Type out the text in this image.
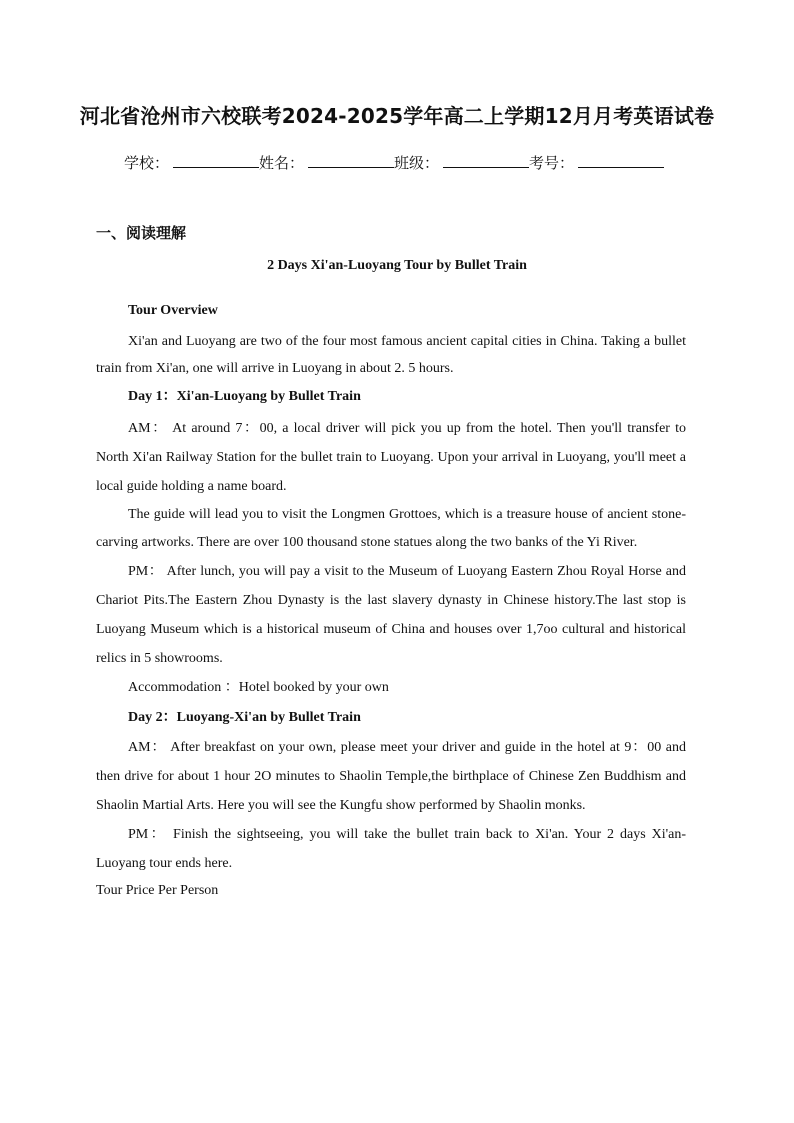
河北省沧州市六校联考2024-2025学年高二上学期12月月考英语试卷
学校：	姓名：	班级：	考号：
一、阅读理解
2 Days Xi'an-Luoyang Tour by Bullet Train

Tour Overview

Xi'an and Luoyang are two of the four most famous ancient capital cities in China. Taking a bullet train from Xi'an, one will arrive in Luoyang in about 2. 5 hours.

Day 1：Xi'an-Luoyang by Bullet Train

AM： At around 7：00, a local driver will pick you up from the hotel. Then you'll transfer to North Xi'an Railway Station for the bullet train to Luoyang. Upon your arrival in Luoyang, you'll meet a local guide holding a name board.

The guide will lead you to visit the Longmen Grottoes, which is a treasure house of ancient stone-carving artworks. There are over 100 thousand stone statues along the two banks of the Yi River.

PM： After lunch, you will pay a visit to the Museum of Luoyang Eastern Zhou Royal Horse and Chariot Pits.The Eastern Zhou Dynasty is the last slavery dynasty in Chinese history.The last stop is Luoyang Museum which is a historical museum of China and houses over 1,7oo cultural and historical relics in 5 showrooms.

Accommodation ：Hotel booked by your own

Day 2：Luoyang-Xi'an by Bullet Train

AM： After breakfast on your own, please meet your driver and guide in the hotel at 9：00 and then drive for about 1 hour 2O minutes to Shaolin Temple,the birthplace of Chinese Zen Buddhism and Shaolin Martial Arts. Here you will see the Kungfu show performed by Shaolin monks.

PM： Finish the sightseeing, you will take the bullet train back to Xi'an. Your 2 days Xi'an-Luoyang tour ends here.

Tour Price Per Person
